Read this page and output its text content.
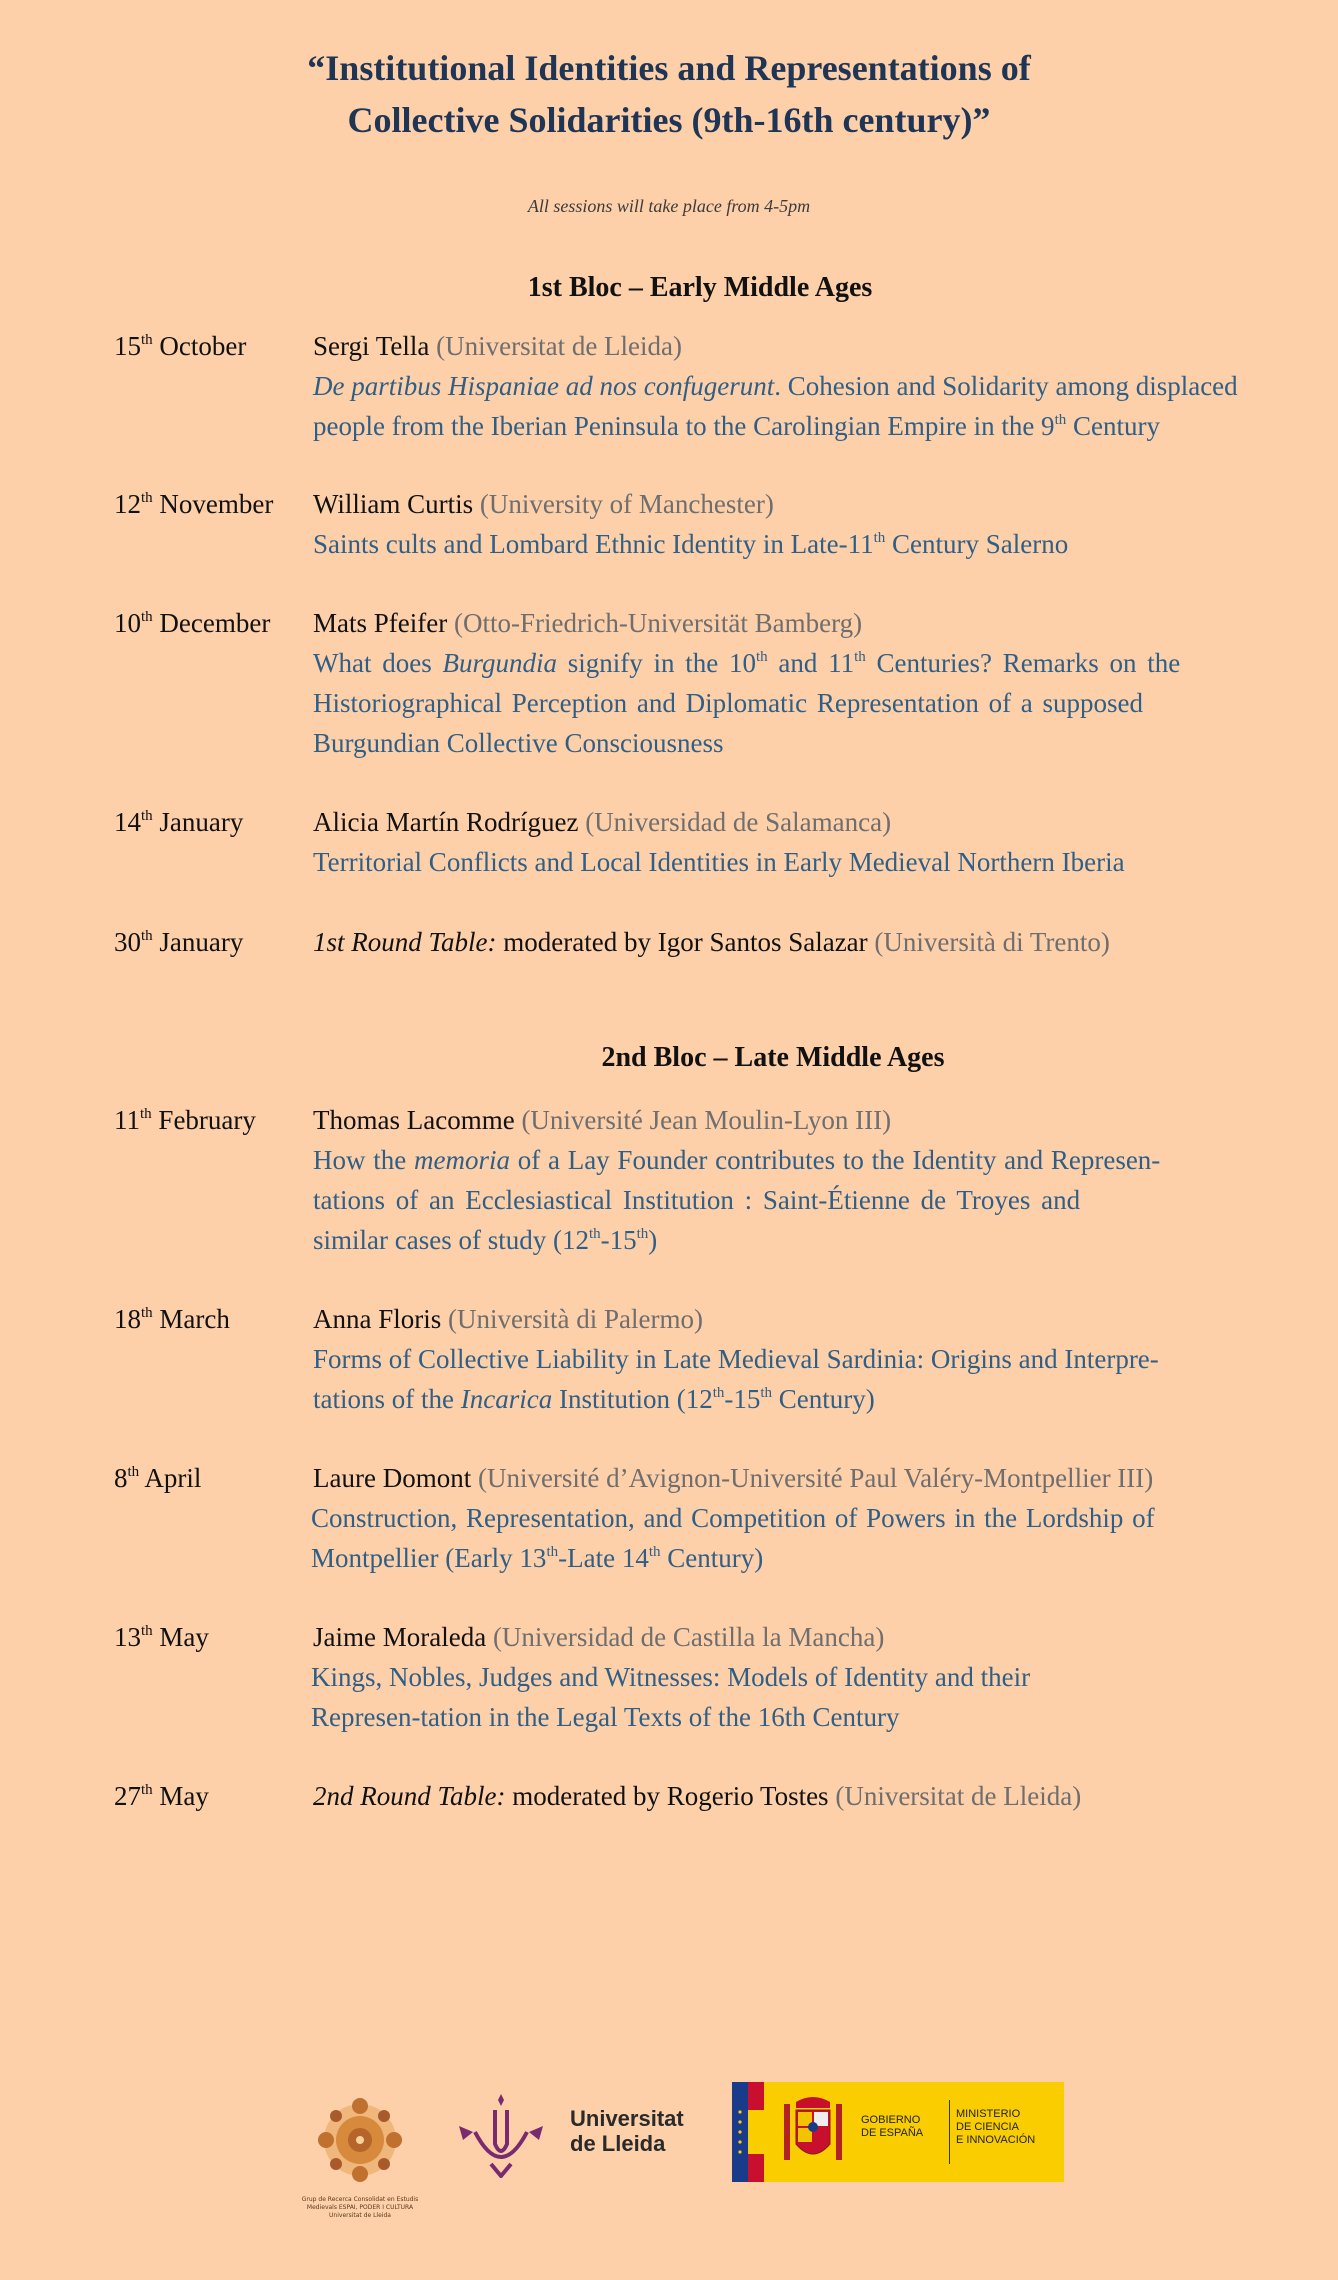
“Institutional Identities and Representations of
Collective Solidarities (9th-16th century)”
All sessions will take place from 4-5pm
1st Bloc – Early Middle Ages
15th October Sergi Tella (Universitat de Lleida)
De partibus Hispaniae ad nos confugerunt. Cohesion and Solidarity among displaced
people from the Iberian Peninsula to the Carolingian Empire in the 9th Century
12th November William Curtis (University of Manchester)
Saints cults and Lombard Ethnic Identity in Late-11th Century Salerno
10th December Mats Pfeifer (Otto-Friedrich-Universität Bamberg)
What does Burgundia signify in the 10th and 11th Centuries? Remarks on the
Historiographical Perception and Diplomatic Representation of a supposed
Burgundian Collective Consciousness
14th January	Alicia Martín Rodríguez (Universidad de Salamanca)
Territorial Conflicts and Local Identities in Early Medieval Northern Iberia
30th January	1st Round Table: moderated by Igor Santos Salazar (Università di Trento)
2nd Bloc – Late Middle Ages
11th February Thomas Lacomme (Université Jean Moulin-Lyon III)
How the memoria of a Lay Founder contributes to the Identity and Represen-
tations of an Ecclesiastical Institution : Saint-Étienne de Troyes and
similar cases of study (12th-15th)
18th March	Anna Floris (Università di Palermo)
Forms of Collective Liability in Late Medieval Sardinia: Origins and Interpre-
tations of the Incarica Institution (12th-15th Century)
8th April	Laure Domont (Université d’Avignon-Université Paul Valéry-Montpellier III)
Construction, Representation, and Competition of Powers in the Lordship of
Montpellier (Early 13th-Late 14th Century)
13th May	Jaime Moraleda (Universidad de Castilla la Mancha)
Kings, Nobles, Judges and Witnesses: Models of Identity and their
Represen-tation in the Legal Texts of the 16th Century
27th May	2nd Round Table: moderated by Rogerio Tostes (Universitat de Lleida)
Grup de Recerca Consolidat en Estudis Medievals ESPAI, PODER I CULTURA Universitat de Lleida
Universitat
de Lleida
GOBIERNO
DE ESPAÑA
MINISTERIO
DE CIENCIA
E INNOVACIÓN
